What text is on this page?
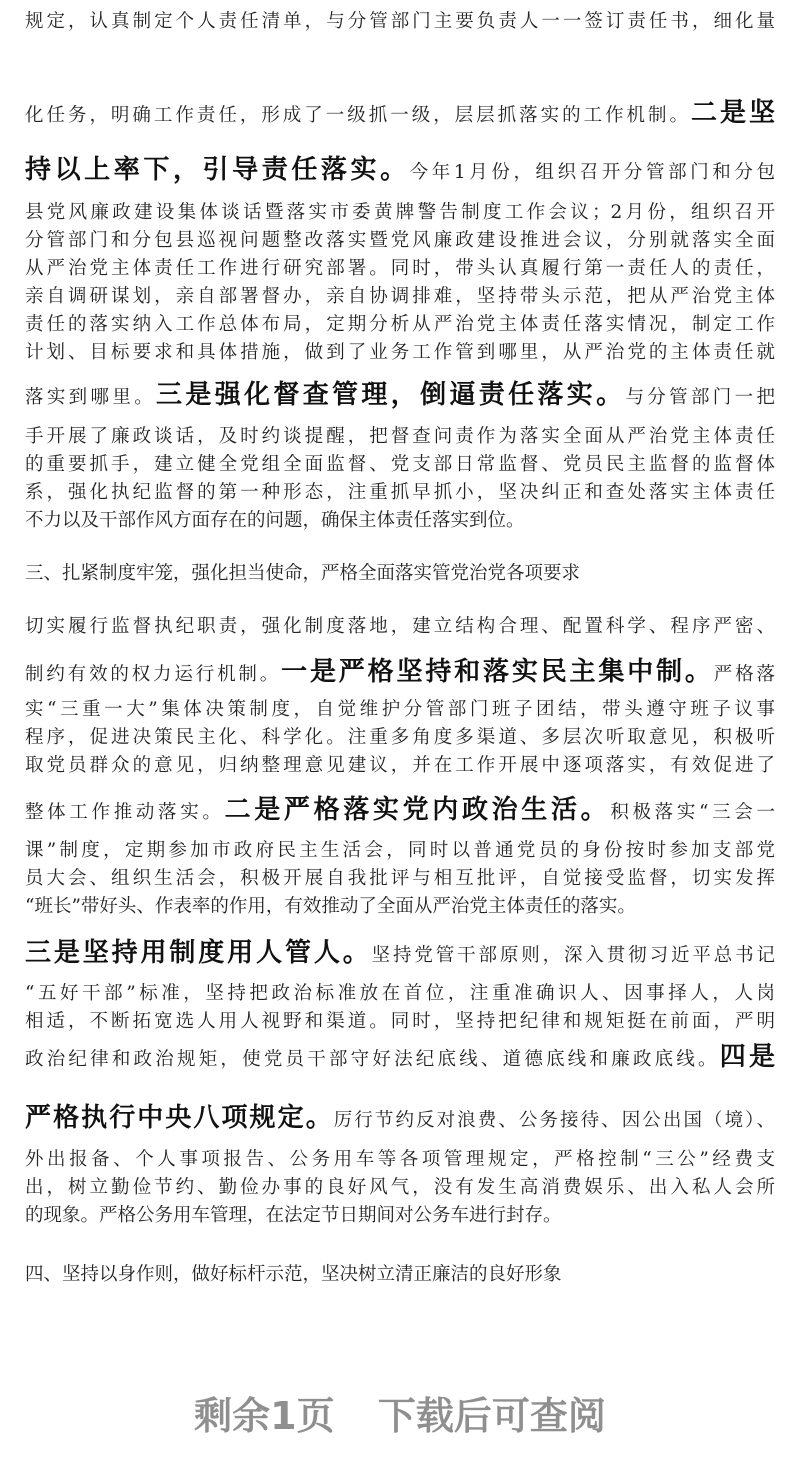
规定，认真制定个人责任清单，与分管部门主要负责人一一签订责任书，细化量
化任务，明确工作责任，形成了一级抓一级，层层抓落实的工作机制。二是坚
持以上率下，引导责任落实。今年1月份，组织召开分管部门和分包
县党风廉政建设集体谈话暨落实市委黄牌警告制度工作会议；2月份，组织召开
分管部门和分包县巡视问题整改落实暨党风廉政建设推进会议，分别就落实全面
从严治党主体责任工作进行研究部署。同时，带头认真履行第一责任人的责任，
亲自调研谋划，亲自部署督办，亲自协调排难，坚持带头示范，把从严治党主体
责任的落实纳入工作总体布局，定期分析从严治党主体责任落实情况，制定工作
计划、目标要求和具体措施，做到了业务工作管到哪里，从严治党的主体责任就
落实到哪里。三是强化督查管理，倒逼责任落实。与分管部门一把
手开展了廉政谈话，及时约谈提醒，把督查问责作为落实全面从严治党主体责任
的重要抓手，建立健全党组全面监督、党支部日常监督、党员民主监督的监督体
系，强化执纪监督的第一种形态，注重抓早抓小，坚决纠正和查处落实主体责任
不力以及干部作风方面存在的问题，确保主体责任落实到位。
三、扎紧制度牢笼，强化担当使命，严格全面落实管党治党各项要求
切实履行监督执纪职责，强化制度落地，建立结构合理、配置科学、程序严密、
制约有效的权力运行机制。一是严格坚持和落实民主集中制。严格落
实“三重一大”集体决策制度，自觉维护分管部门班子团结，带头遵守班子议事
程序，促进决策民主化、科学化。注重多角度多渠道、多层次听取意见，积极听
取党员群众的意见，归纳整理意见建议，并在工作开展中逐项落实，有效促进了
整体工作推动落实。二是严格落实党内政治生活。积极落实“三会一
课”制度，定期参加市政府民主生活会，同时以普通党员的身份按时参加支部党
员大会、组织生活会，积极开展自我批评与相互批评，自觉接受监督，切实发挥
“班长”带好头、作表率的作用，有效推动了全面从严治党主体责任的落实。
三是坚持用制度用人管人。坚持党管干部原则，深入贯彻习近平总书记
“五好干部”标准，坚持把政治标准放在首位，注重准确识人、因事择人，人岗
相适，不断拓宽选人用人视野和渠道。同时，坚持把纪律和规矩挺在前面，严明
政治纪律和政治规矩，使党员干部守好法纪底线、道德底线和廉政底线。四是
严格执行中央八项规定。厉行节约反对浪费、公务接待、因公出国（境）、
外出报备、个人事项报告、公务用车等各项管理规定，严格控制“三公”经费支
出，树立勤俭节约、勤俭办事的良好风气，没有发生高消费娱乐、出入私人会所
的现象。严格公务用车管理，在法定节日期间对公务车进行封存。
四、坚持以身作则，做好标杆示范，坚决树立清正廉洁的良好形象
剩余1页 下载后可查阅
